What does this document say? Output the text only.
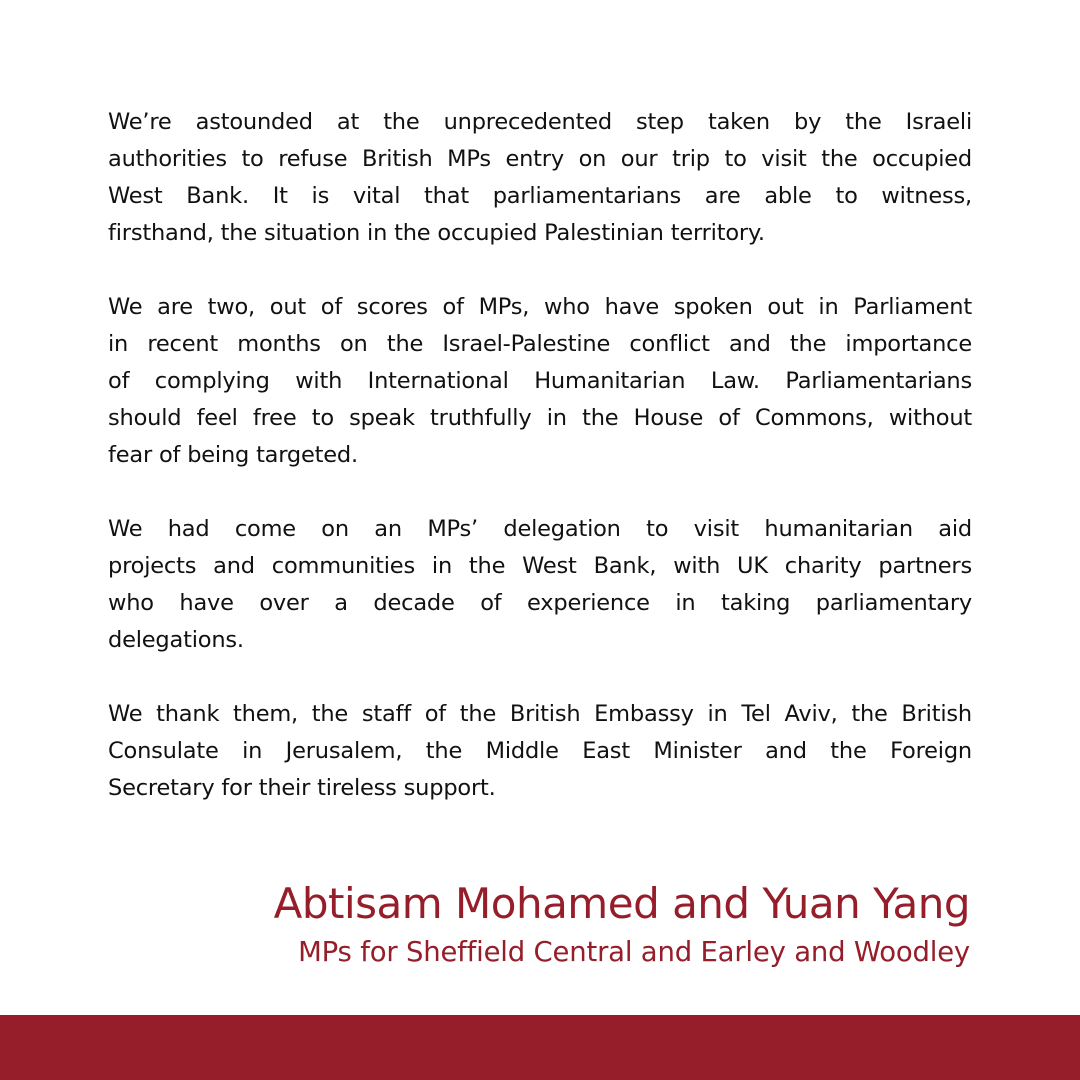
We’re astounded at the unprecedented step taken by the Israeli
authorities to refuse British MPs entry on our trip to visit the occupied
West Bank. It is vital that parliamentarians are able to witness,
firsthand, the situation in the occupied Palestinian territory.
We are two, out of scores of MPs, who have spoken out in Parliament
in recent months on the Israel-Palestine conflict and the importance
of complying with International Humanitarian Law. Parliamentarians
should feel free to speak truthfully in the House of Commons, without
fear of being targeted.
We had come on an MPs’ delegation to visit humanitarian aid
projects and communities in the West Bank, with UK charity partners
who have over a decade of experience in taking parliamentary
delegations.
We thank them, the staff of the British Embassy in Tel Aviv, the British
Consulate in Jerusalem, the Middle East Minister and the Foreign
Secretary for their tireless support.
Abtisam Mohamed and Yuan Yang
MPs for Sheffield Central and Earley and Woodley
